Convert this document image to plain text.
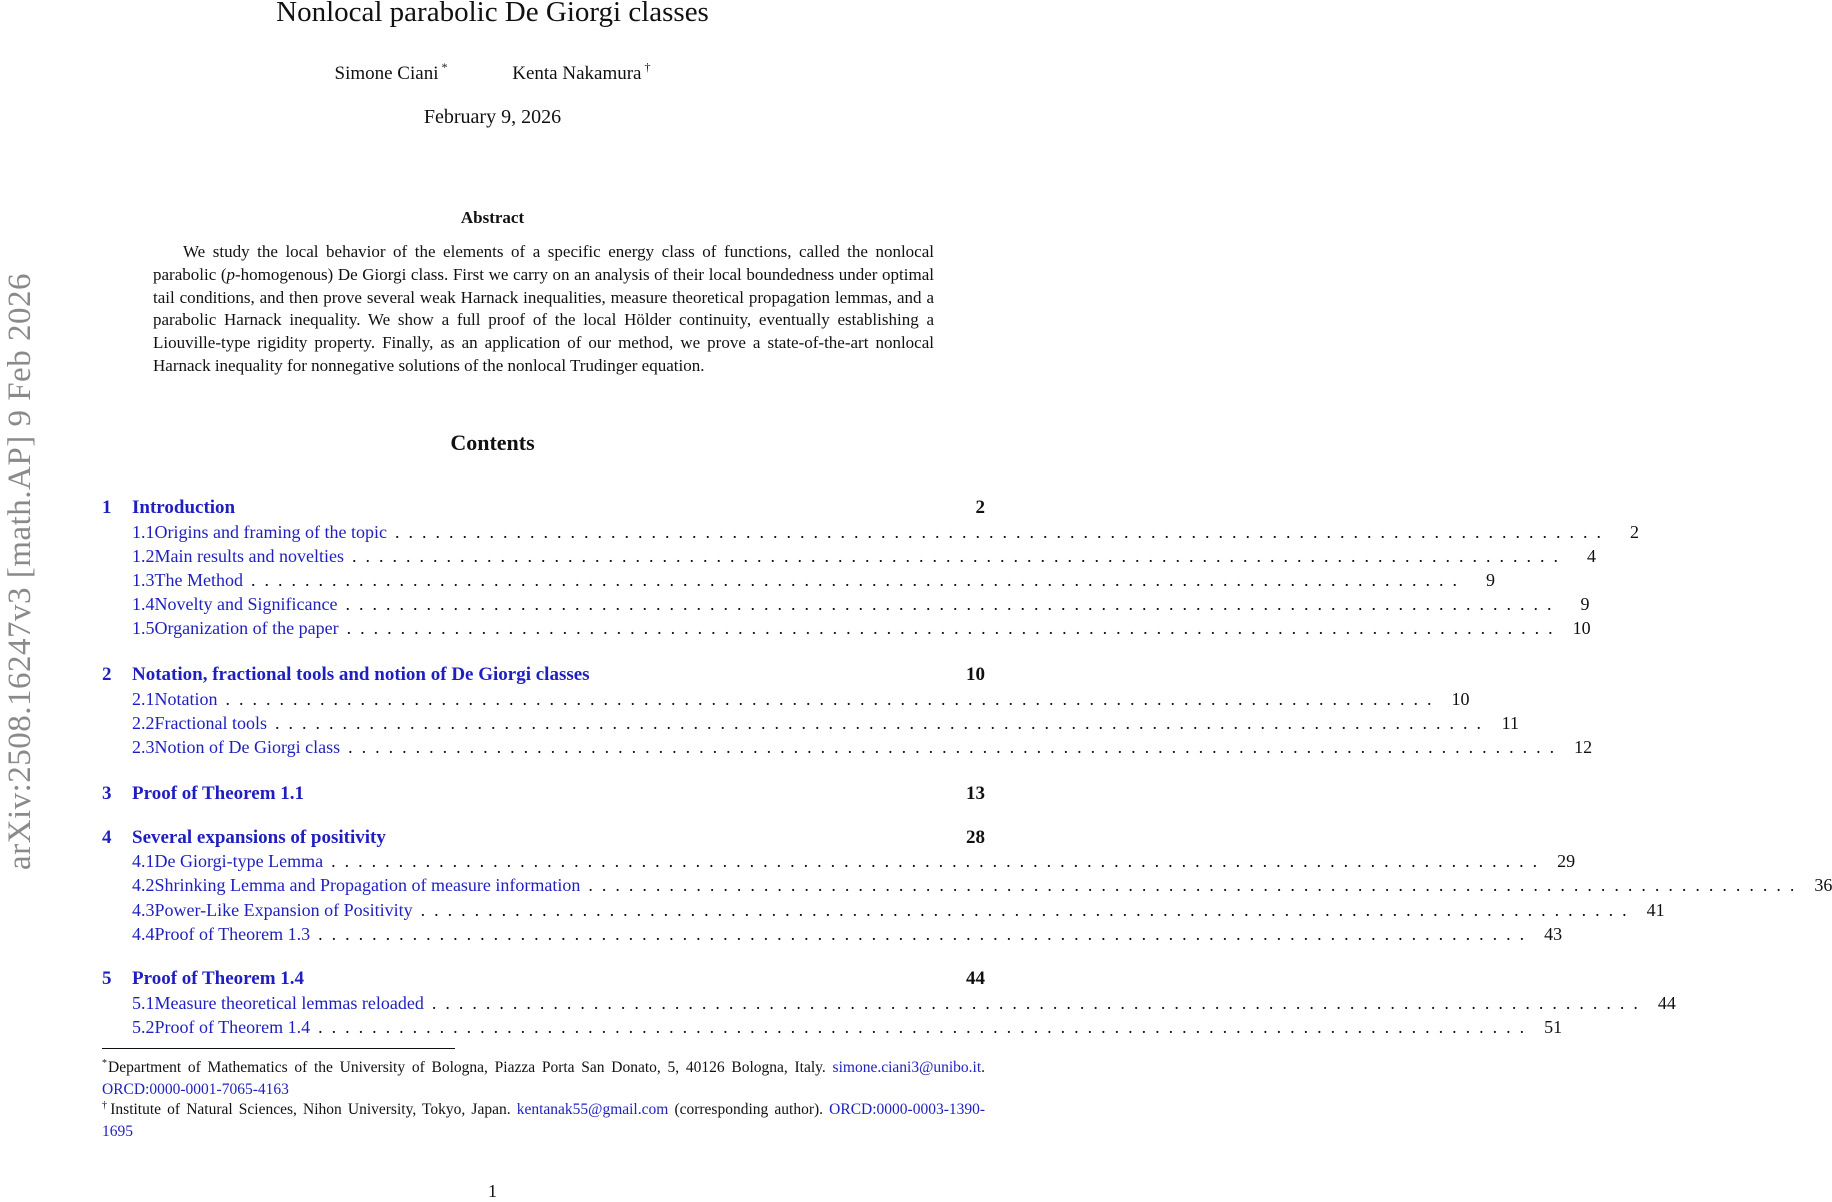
arXiv:2508.16247v3 [math.AP] 9 Feb 2026
Nonlocal parabolic De Giorgi classes
Simone Ciani *	Kenta Nakamura †
February 9, 2026
Abstract

We study the local behavior of the elements of a specific energy class of functions, called the nonlocal parabolic (p-homogenous) De Giorgi class. First we carry on an analysis of their local boundedness under optimal tail conditions, and then prove several weak Harnack inequalities, measure theoretical propagation lemmas, and a parabolic Harnack inequality. We show a full proof of the local Hölder continuity, eventually establishing a Liouville-type rigidity property. Finally, as an application of our method, we prove a state-of-the-art nonlocal Harnack inequality for nonnegative solutions of the nonlocal Trudinger equation.

Contents
1	Introduction	2
1.1 Origins and framing of the topic . . . . . . . . . . . . . . . . . . . . . . . . . . . . . . . . . . . . . . . . . . . . . . . . . . . . . . . . . . . . . . . . . . . . . . . . . . . . . . . . . . . . . . . . . .	2
1.2 Main results and novelties . . . . . . . . . . . . . . . . . . . . . . . . . . . . . . . . . . . . . . . . . . . . . . . . . . . . . . . . . . . . . . . . . . . . . . . . . . . . . . . . . . . . . . . . . .	4
1.3 The Method . . . . . . . . . . . . . . . . . . . . . . . . . . . . . . . . . . . . . . . . . . . . . . . . . . . . . . . . . . . . . . . . . . . . . . . . . . . . . . . . . . . . . . . . . .	9
1.4 Novelty and Significance . . . . . . . . . . . . . . . . . . . . . . . . . . . . . . . . . . . . . . . . . . . . . . . . . . . . . . . . . . . . . . . . . . . . . . . . . . . . . . . . . . . . . . . . . .	9
1.5 Organization of the paper . . . . . . . . . . . . . . . . . . . . . . . . . . . . . . . . . . . . . . . . . . . . . . . . . . . . . . . . . . . . . . . . . . . . . . . . . . . . . . . . . . . . . . . . . .	10
2	Notation, fractional tools and notion of De Giorgi classes	10
2.1 Notation . . . . . . . . . . . . . . . . . . . . . . . . . . . . . . . . . . . . . . . . . . . . . . . . . . . . . . . . . . . . . . . . . . . . . . . . . . . . . . . . . . . . . . . . . .	10
2.2 Fractional tools . . . . . . . . . . . . . . . . . . . . . . . . . . . . . . . . . . . . . . . . . . . . . . . . . . . . . . . . . . . . . . . . . . . . . . . . . . . . . . . . . . . . . . . . . .	11
2.3 Notion of De Giorgi class . . . . . . . . . . . . . . . . . . . . . . . . . . . . . . . . . . . . . . . . . . . . . . . . . . . . . . . . . . . . . . . . . . . . . . . . . . . . . . . . . . . . . . . . . .	12
3	Proof of Theorem 1.1	13
4	Several expansions of positivity	28
4.1 De Giorgi-type Lemma . . . . . . . . . . . . . . . . . . . . . . . . . . . . . . . . . . . . . . . . . . . . . . . . . . . . . . . . . . . . . . . . . . . . . . . . . . . . . . . . . . . . . . . . . .	29
4.2 Shrinking Lemma and Propagation of measure information . . . . . . . . . . . . . . . . . . . . . . . . . . . . . . . . . . . . . . . . . . . . . . . . . . . . . . . . . . . . . . . . . . . . . . . . . . . . . . . . . . . . . . . . . .	36
4.3 Power-Like Expansion of Positivity . . . . . . . . . . . . . . . . . . . . . . . . . . . . . . . . . . . . . . . . . . . . . . . . . . . . . . . . . . . . . . . . . . . . . . . . . . . . . . . . . . . . . . . . . .	41
4.4 Proof of Theorem 1.3 . . . . . . . . . . . . . . . . . . . . . . . . . . . . . . . . . . . . . . . . . . . . . . . . . . . . . . . . . . . . . . . . . . . . . . . . . . . . . . . . . . . . . . . . . .	43
5	Proof of Theorem 1.4	44
5.1 Measure theoretical lemmas reloaded . . . . . . . . . . . . . . . . . . . . . . . . . . . . . . . . . . . . . . . . . . . . . . . . . . . . . . . . . . . . . . . . . . . . . . . . . . . . . . . . . . . . . . . . . .	44
5.2 Proof of Theorem 1.4 . . . . . . . . . . . . . . . . . . . . . . . . . . . . . . . . . . . . . . . . . . . . . . . . . . . . . . . . . . . . . . . . . . . . . . . . . . . . . . . . . . . . . . . . . .	51
*Department of Mathematics of the University of Bologna, Piazza Porta San Donato, 5, 40126 Bologna, Italy. simone.ciani3@unibo.it. ORCD:0000-0001-7065-4163
†Institute of Natural Sciences, Nihon University, Tokyo, Japan. kentanak55@gmail.com (corresponding author). ORCD:0000-0003-1390-1695
1
